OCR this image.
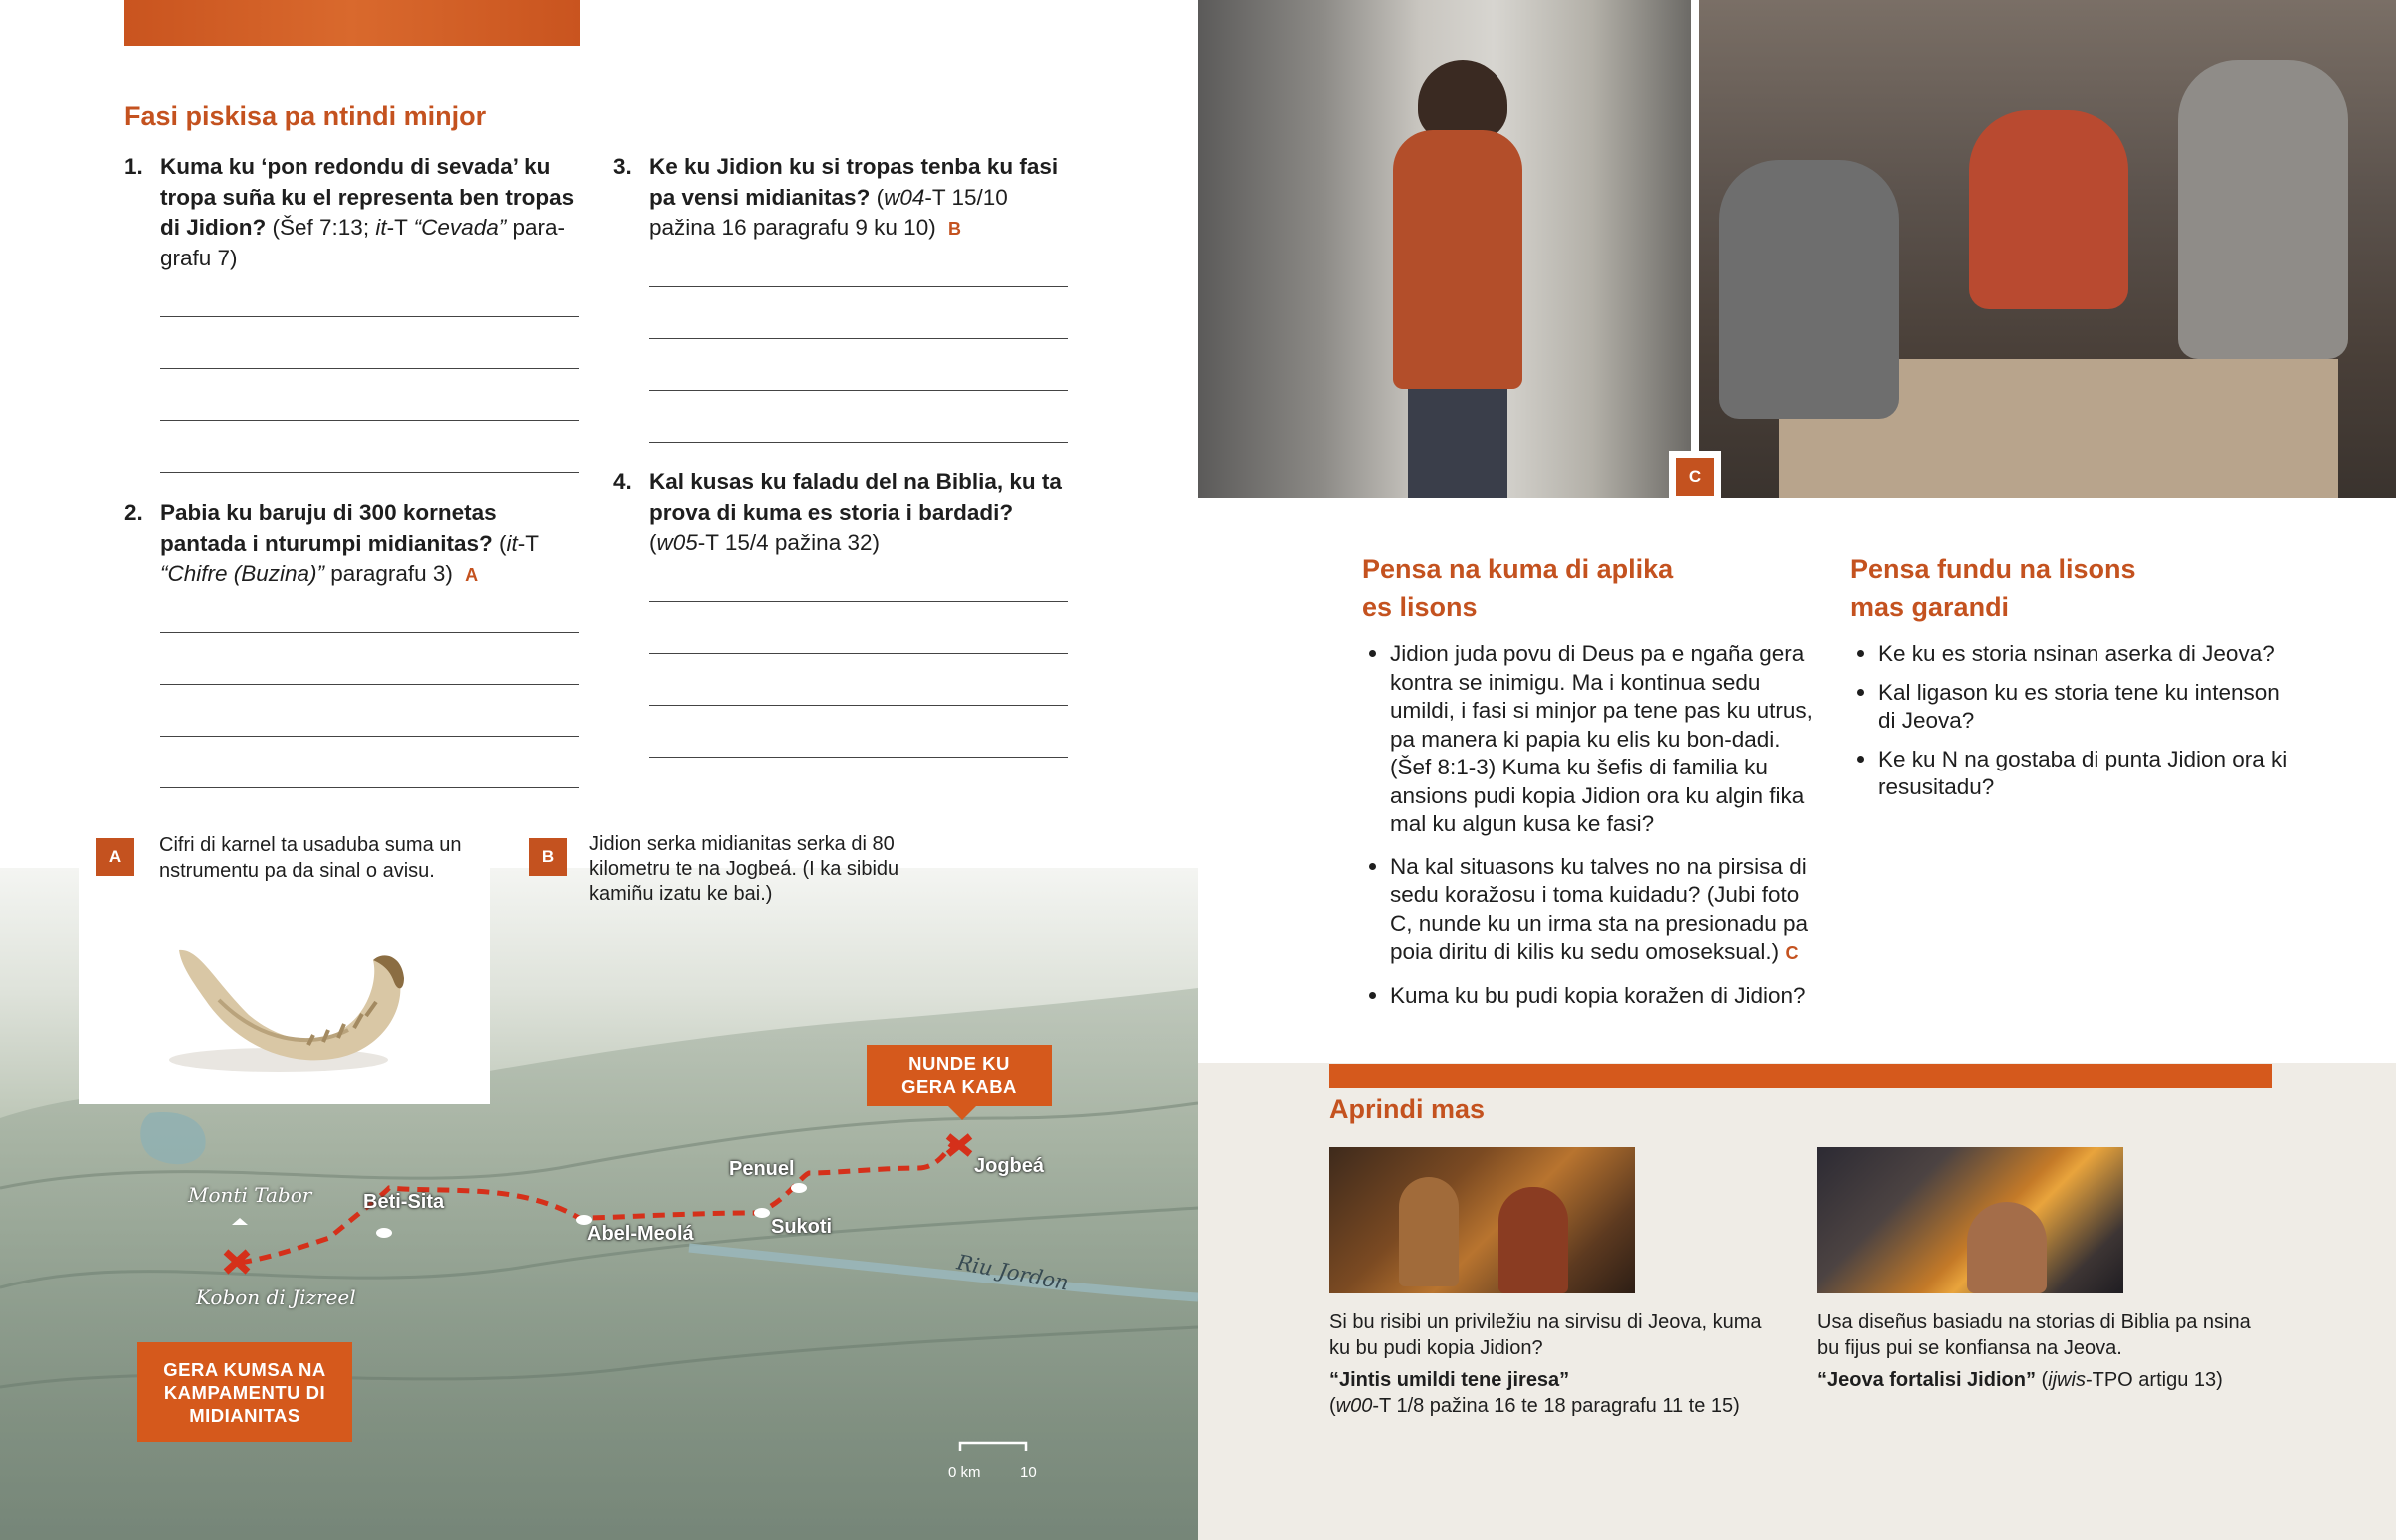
Fasi piskisa pa ntindi minjor
1. Kuma ku ‘pon redondu di sevada’ ku tropa suña ku el representa ben tropas di Jidion? (Šef 7:13; it-T “Cevada” para-grafu 7)
2. Pabia ku baruju di 300 kornetas pantada i nturumpi midianitas? (it-T “Chifre (Buzina)” paragrafu 3) A
3. Ke ku Jidion ku si tropas tenba ku fasi pa vensi midianitas? (w04-T 15/10 pažina 16 paragrafu 9 ku 10) B
4. Kal kusas ku faladu del na Biblia, ku ta prova di kuma es storia i bardadi? (w05-T 15/4 pažina 32)
Monti Tabor	Beti-Sita
Abel-Meolá
Penuel
Sukoti
Jogbeá
Kobon di Jizreel
Riu Jordon
GERA KUMSA NA KAMPAMENTU DI MIDIANITAS
NUNDE KU GERA KABA
0 km	10
A
Cifri di karnel ta usaduba suma un nstrumentu pa da sinal o avisu.
B
Jidion serka midianitas serka di 80 kilometru te na Jogbeá. (I ka sibidu kamiñu izatu ke bai.)
C
Pensa na kuma di aplika es lisons
• Jidion juda povu di Deus pa e ngaña gera kontra se inimigu. Ma i kontinua sedu umildi, i fasi si minjor pa tene pas ku utrus, pa manera ki papia ku elis ku bon-dadi. (Šef 8:1-3) Kuma ku šefis di familia ku ansions pudi kopia Jidion ora ku algin fika mal ku algun kusa ke fasi?
• Na kal situasons ku talves no na pirsisa di sedu koražosu i toma kuidadu? (Jubi foto C, nunde ku un irma sta na presionadu pa poia diritu di kilis ku sedu omoseksual.) C
• Kuma ku bu pudi kopia koražen di Jidion?
Pensa fundu na lisons mas garandi
• Ke ku es storia nsinan aserka di Jeova?
• Kal ligason ku es storia tene ku intenson di Jeova?
• Ke ku N na gostaba di punta Jidion ora ki resusitadu?
Aprindi mas
Si bu risibi un priviležiu na sirvisu di Jeova, kuma ku bu pudi kopia Jidion?
“Jintis umildi tene jiresa”
(w00-T 1/8 pažina 16 te 18 paragrafu 11 te 15)
Usa diseñus basiadu na storias di Biblia pa nsina bu fijus pui se konfiansa na Jeova.
“Jeova fortalisi Jidion” (ijwis-TPO artigu 13)
